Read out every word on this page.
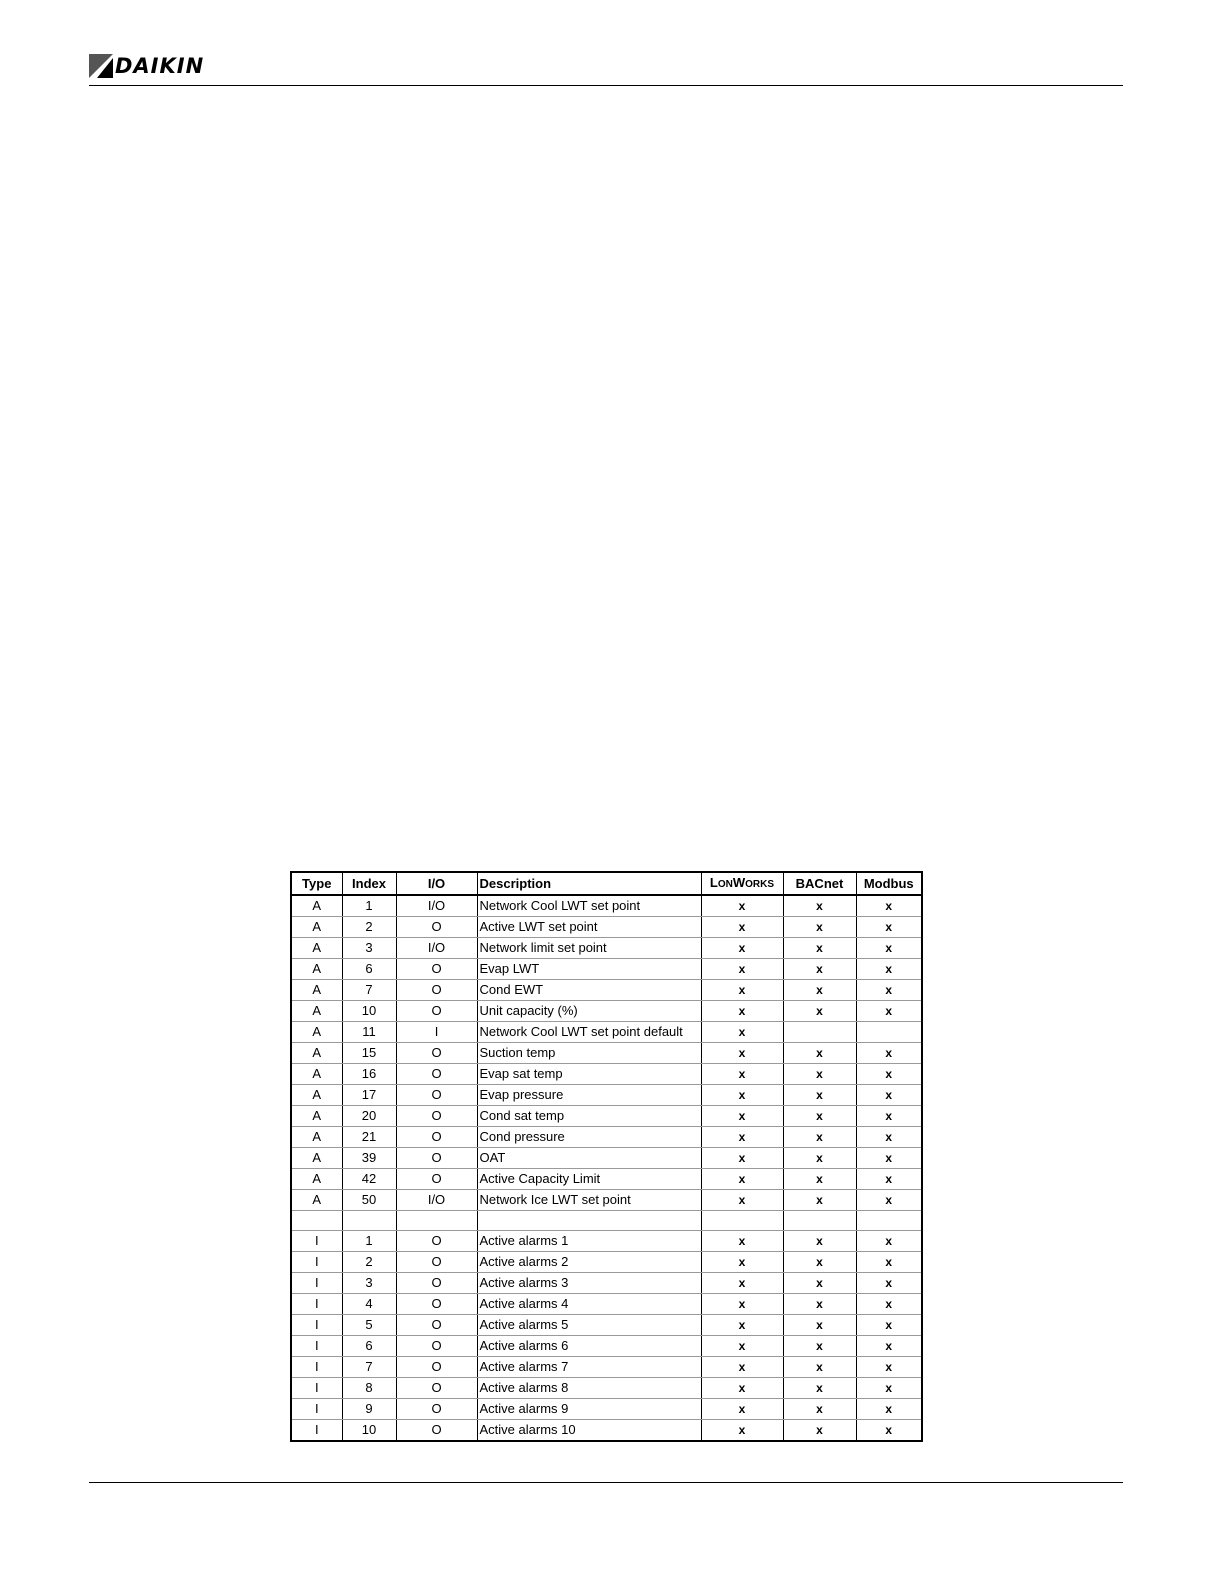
DAIKIN
Type	Index	I/O	Description	LONWORKS	BACnet	Modbus
A	1	I/O	Network Cool LWT set point	x	x	x
A	2	O	Active LWT set point	x	x	x
A	3	I/O	Network limit set point	x	x	x
A	6	O	Evap LWT	x	x	x
A	7	O	Cond EWT	x	x	x
A	10	O	Unit capacity (%)	x	x	x
A	11	I	Network Cool LWT set point default	x		
A	15	O	Suction temp	x	x	x
A	16	O	Evap sat temp	x	x	x
A	17	O	Evap pressure	x	x	x
A	20	O	Cond sat temp	x	x	x
A	21	O	Cond pressure	x	x	x
A	39	O	OAT	x	x	x
A	42	O	Active Capacity Limit	x	x	x
A	50	I/O	Network Ice LWT set point	x	x	x

I	1	O	Active alarms 1	x	x	x
I	2	O	Active alarms 2	x	x	x
I	3	O	Active alarms 3	x	x	x
I	4	O	Active alarms 4	x	x	x
I	5	O	Active alarms 5	x	x	x
I	6	O	Active alarms 6	x	x	x
I	7	O	Active alarms 7	x	x	x
I	8	O	Active alarms 8	x	x	x
I	9	O	Active alarms 9	x	x	x
I	10	O	Active alarms 10	x	x	x
